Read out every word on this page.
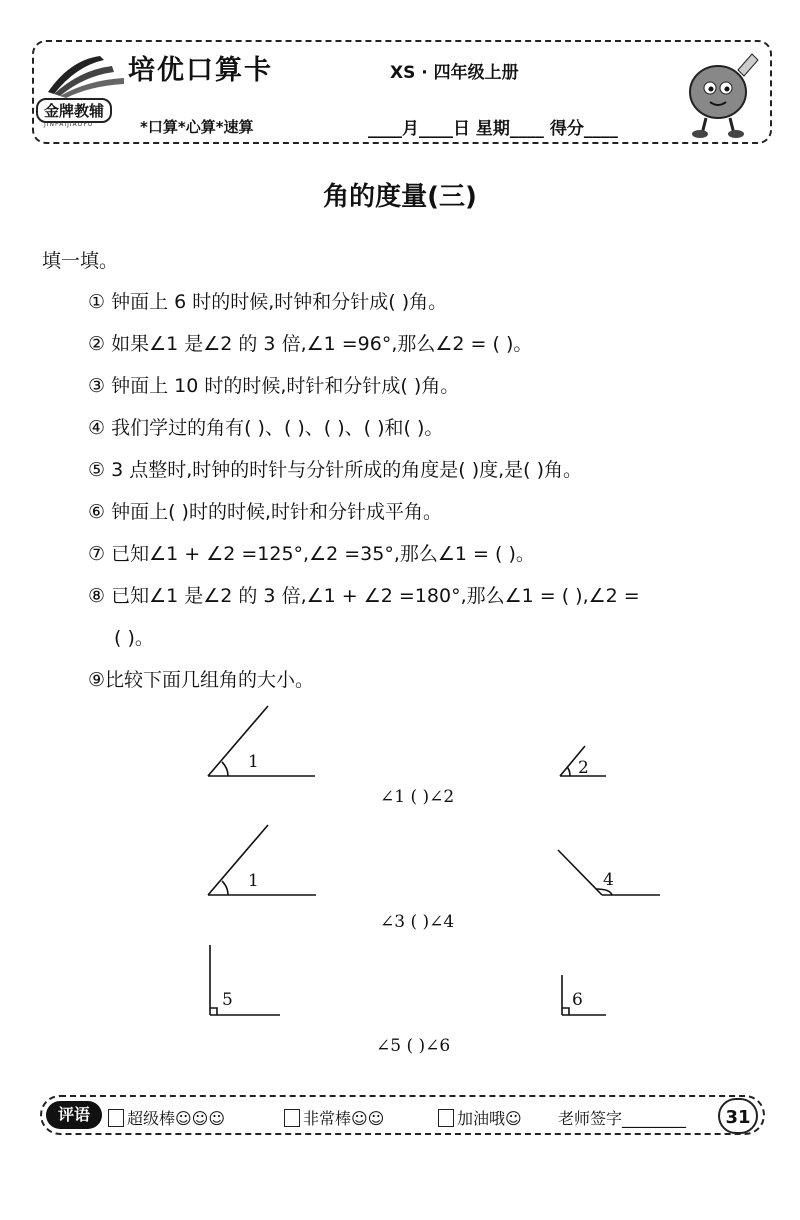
培优口算卡	XS · 四年级上册
金牌教辅
JINPAIJIAOFU	*口算*心算*速算	____月____日 星期____ 得分____
角的度量(三)
填一填。
① 钟面上 6 时的时候,时钟和分针成( )角。
② 如果∠1 是∠2 的 3 倍,∠1 =96°,那么∠2 = ( )。
③ 钟面上 10 时的时候,时针和分针成( )角。
④ 我们学过的角有( )、( )、( )、( )和( )。
⑤ 3 点整时,时钟的时针与分针所成的角度是( )度,是( )角。
⑥ 钟面上( )时的时候,时针和分针成平角。
⑦ 已知∠1 + ∠2 =125°,∠2 =35°,那么∠1 = ( )。
⑧ 已知∠1 是∠2 的 3 倍,∠1 + ∠2 =180°,那么∠1 = ( ),∠2 =
( )。
⑨比较下面几组角的大小。
1	2
1	4
5	6
∠1 ( )∠2
∠3 ( )∠4
∠5 ( )∠6
评语	超级棒☺☺☺	非常棒☺☺	加油哦☺ 老师签字________	31
